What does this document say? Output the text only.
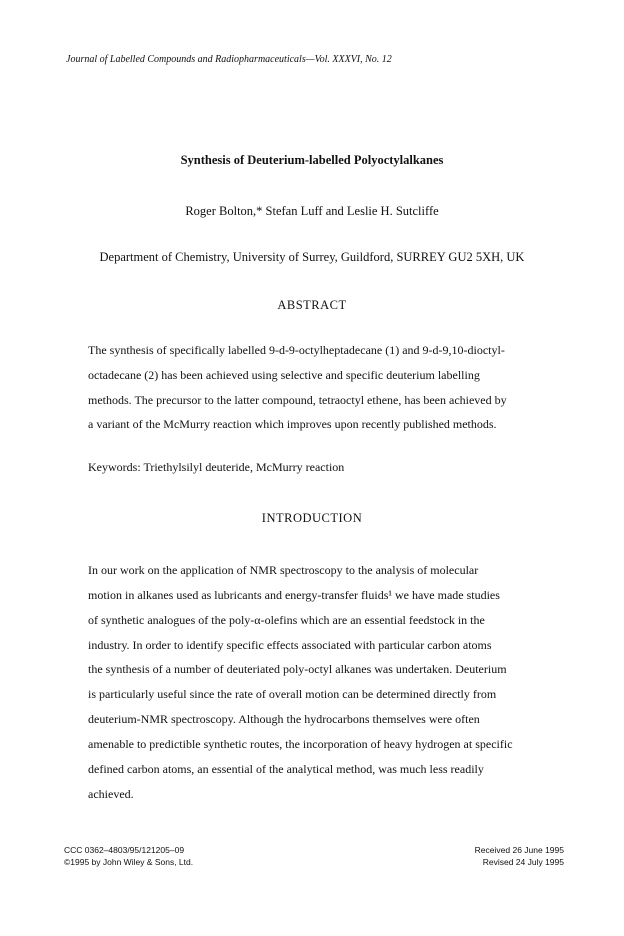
Journal of Labelled Compounds and Radiopharmaceuticals—Vol. XXXVI, No. 12
Synthesis of Deuterium-labelled Polyoctylalkanes
Roger Bolton,* Stefan Luff and Leslie H. Sutcliffe
Department of Chemistry, University of Surrey, Guildford, SURREY GU2 5XH, UK
ABSTRACT
The synthesis of specifically labelled 9-d-9-octylheptadecane (1) and 9-d-9,10-dioctyl-
octadecane (2) has been achieved using selective and specific deuterium labelling
methods. The precursor to the latter compound, tetraoctyl ethene, has been achieved by
a variant of the McMurry reaction which improves upon recently published methods.
Keywords: Triethylsilyl deuteride, McMurry reaction
INTRODUCTION
In our work on the application of NMR spectroscopy to the analysis of molecular
motion in alkanes used as lubricants and energy-transfer fluids¹ we have made studies
of synthetic analogues of the poly-α-olefins which are an essential feedstock in the
industry. In order to identify specific effects associated with particular carbon atoms
the synthesis of a number of deuteriated poly-octyl alkanes was undertaken. Deuterium
is particularly useful since the rate of overall motion can be determined directly from
deuterium-NMR spectroscopy. Although the hydrocarbons themselves were often
amenable to predictible synthetic routes, the incorporation of heavy hydrogen at specific
defined carbon atoms, an essential of the analytical method, was much less readily
achieved.
CCC 0362–4803/95/121205–09
©1995 by John Wiley & Sons, Ltd.
Received 26 June 1995
Revised 24 July 1995
